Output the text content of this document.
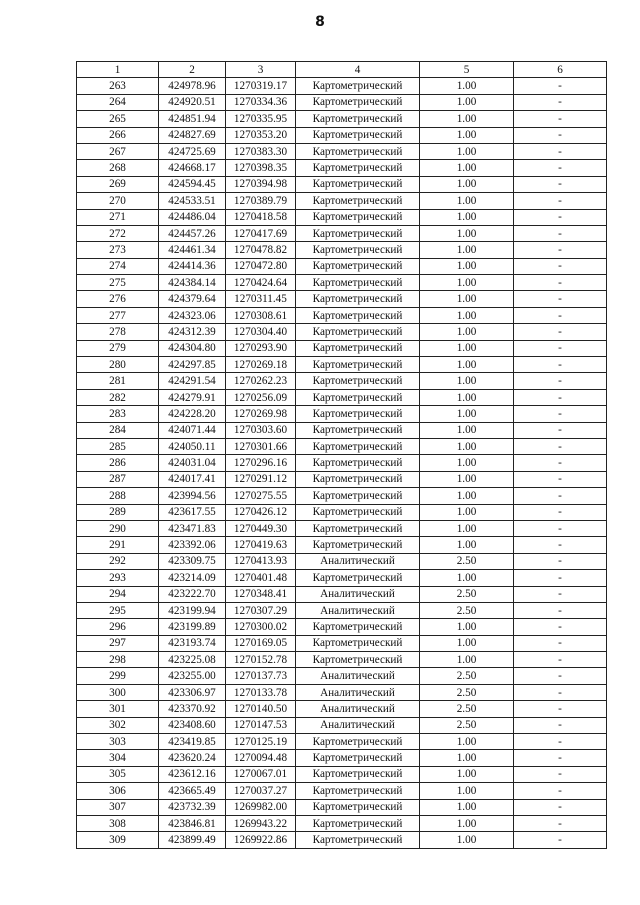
8
1	2	3	4	5	6
263	424978.96	1270319.17	Картометрический	1.00	-
264	424920.51	1270334.36	Картометрический	1.00	-
265	424851.94	1270335.95	Картометрический	1.00	-
266	424827.69	1270353.20	Картометрический	1.00	-
267	424725.69	1270383.30	Картометрический	1.00	-
268	424668.17	1270398.35	Картометрический	1.00	-
269	424594.45	1270394.98	Картометрический	1.00	-
270	424533.51	1270389.79	Картометрический	1.00	-
271	424486.04	1270418.58	Картометрический	1.00	-
272	424457.26	1270417.69	Картометрический	1.00	-
273	424461.34	1270478.82	Картометрический	1.00	-
274	424414.36	1270472.80	Картометрический	1.00	-
275	424384.14	1270424.64	Картометрический	1.00	-
276	424379.64	1270311.45	Картометрический	1.00	-
277	424323.06	1270308.61	Картометрический	1.00	-
278	424312.39	1270304.40	Картометрический	1.00	-
279	424304.80	1270293.90	Картометрический	1.00	-
280	424297.85	1270269.18	Картометрический	1.00	-
281	424291.54	1270262.23	Картометрический	1.00	-
282	424279.91	1270256.09	Картометрический	1.00	-
283	424228.20	1270269.98	Картометрический	1.00	-
284	424071.44	1270303.60	Картометрический	1.00	-
285	424050.11	1270301.66	Картометрический	1.00	-
286	424031.04	1270296.16	Картометрический	1.00	-
287	424017.41	1270291.12	Картометрический	1.00	-
288	423994.56	1270275.55	Картометрический	1.00	-
289	423617.55	1270426.12	Картометрический	1.00	-
290	423471.83	1270449.30	Картометрический	1.00	-
291	423392.06	1270419.63	Картометрический	1.00	-
292	423309.75	1270413.93	Аналитический	2.50	-
293	423214.09	1270401.48	Картометрический	1.00	-
294	423222.70	1270348.41	Аналитический	2.50	-
295	423199.94	1270307.29	Аналитический	2.50	-
296	423199.89	1270300.02	Картометрический	1.00	-
297	423193.74	1270169.05	Картометрический	1.00	-
298	423225.08	1270152.78	Картометрический	1.00	-
299	423255.00	1270137.73	Аналитический	2.50	-
300	423306.97	1270133.78	Аналитический	2.50	-
301	423370.92	1270140.50	Аналитический	2.50	-
302	423408.60	1270147.53	Аналитический	2.50	-
303	423419.85	1270125.19	Картометрический	1.00	-
304	423620.24	1270094.48	Картометрический	1.00	-
305	423612.16	1270067.01	Картометрический	1.00	-
306	423665.49	1270037.27	Картометрический	1.00	-
307	423732.39	1269982.00	Картометрический	1.00	-
308	423846.81	1269943.22	Картометрический	1.00	-
309	423899.49	1269922.86	Картометрический	1.00	-
